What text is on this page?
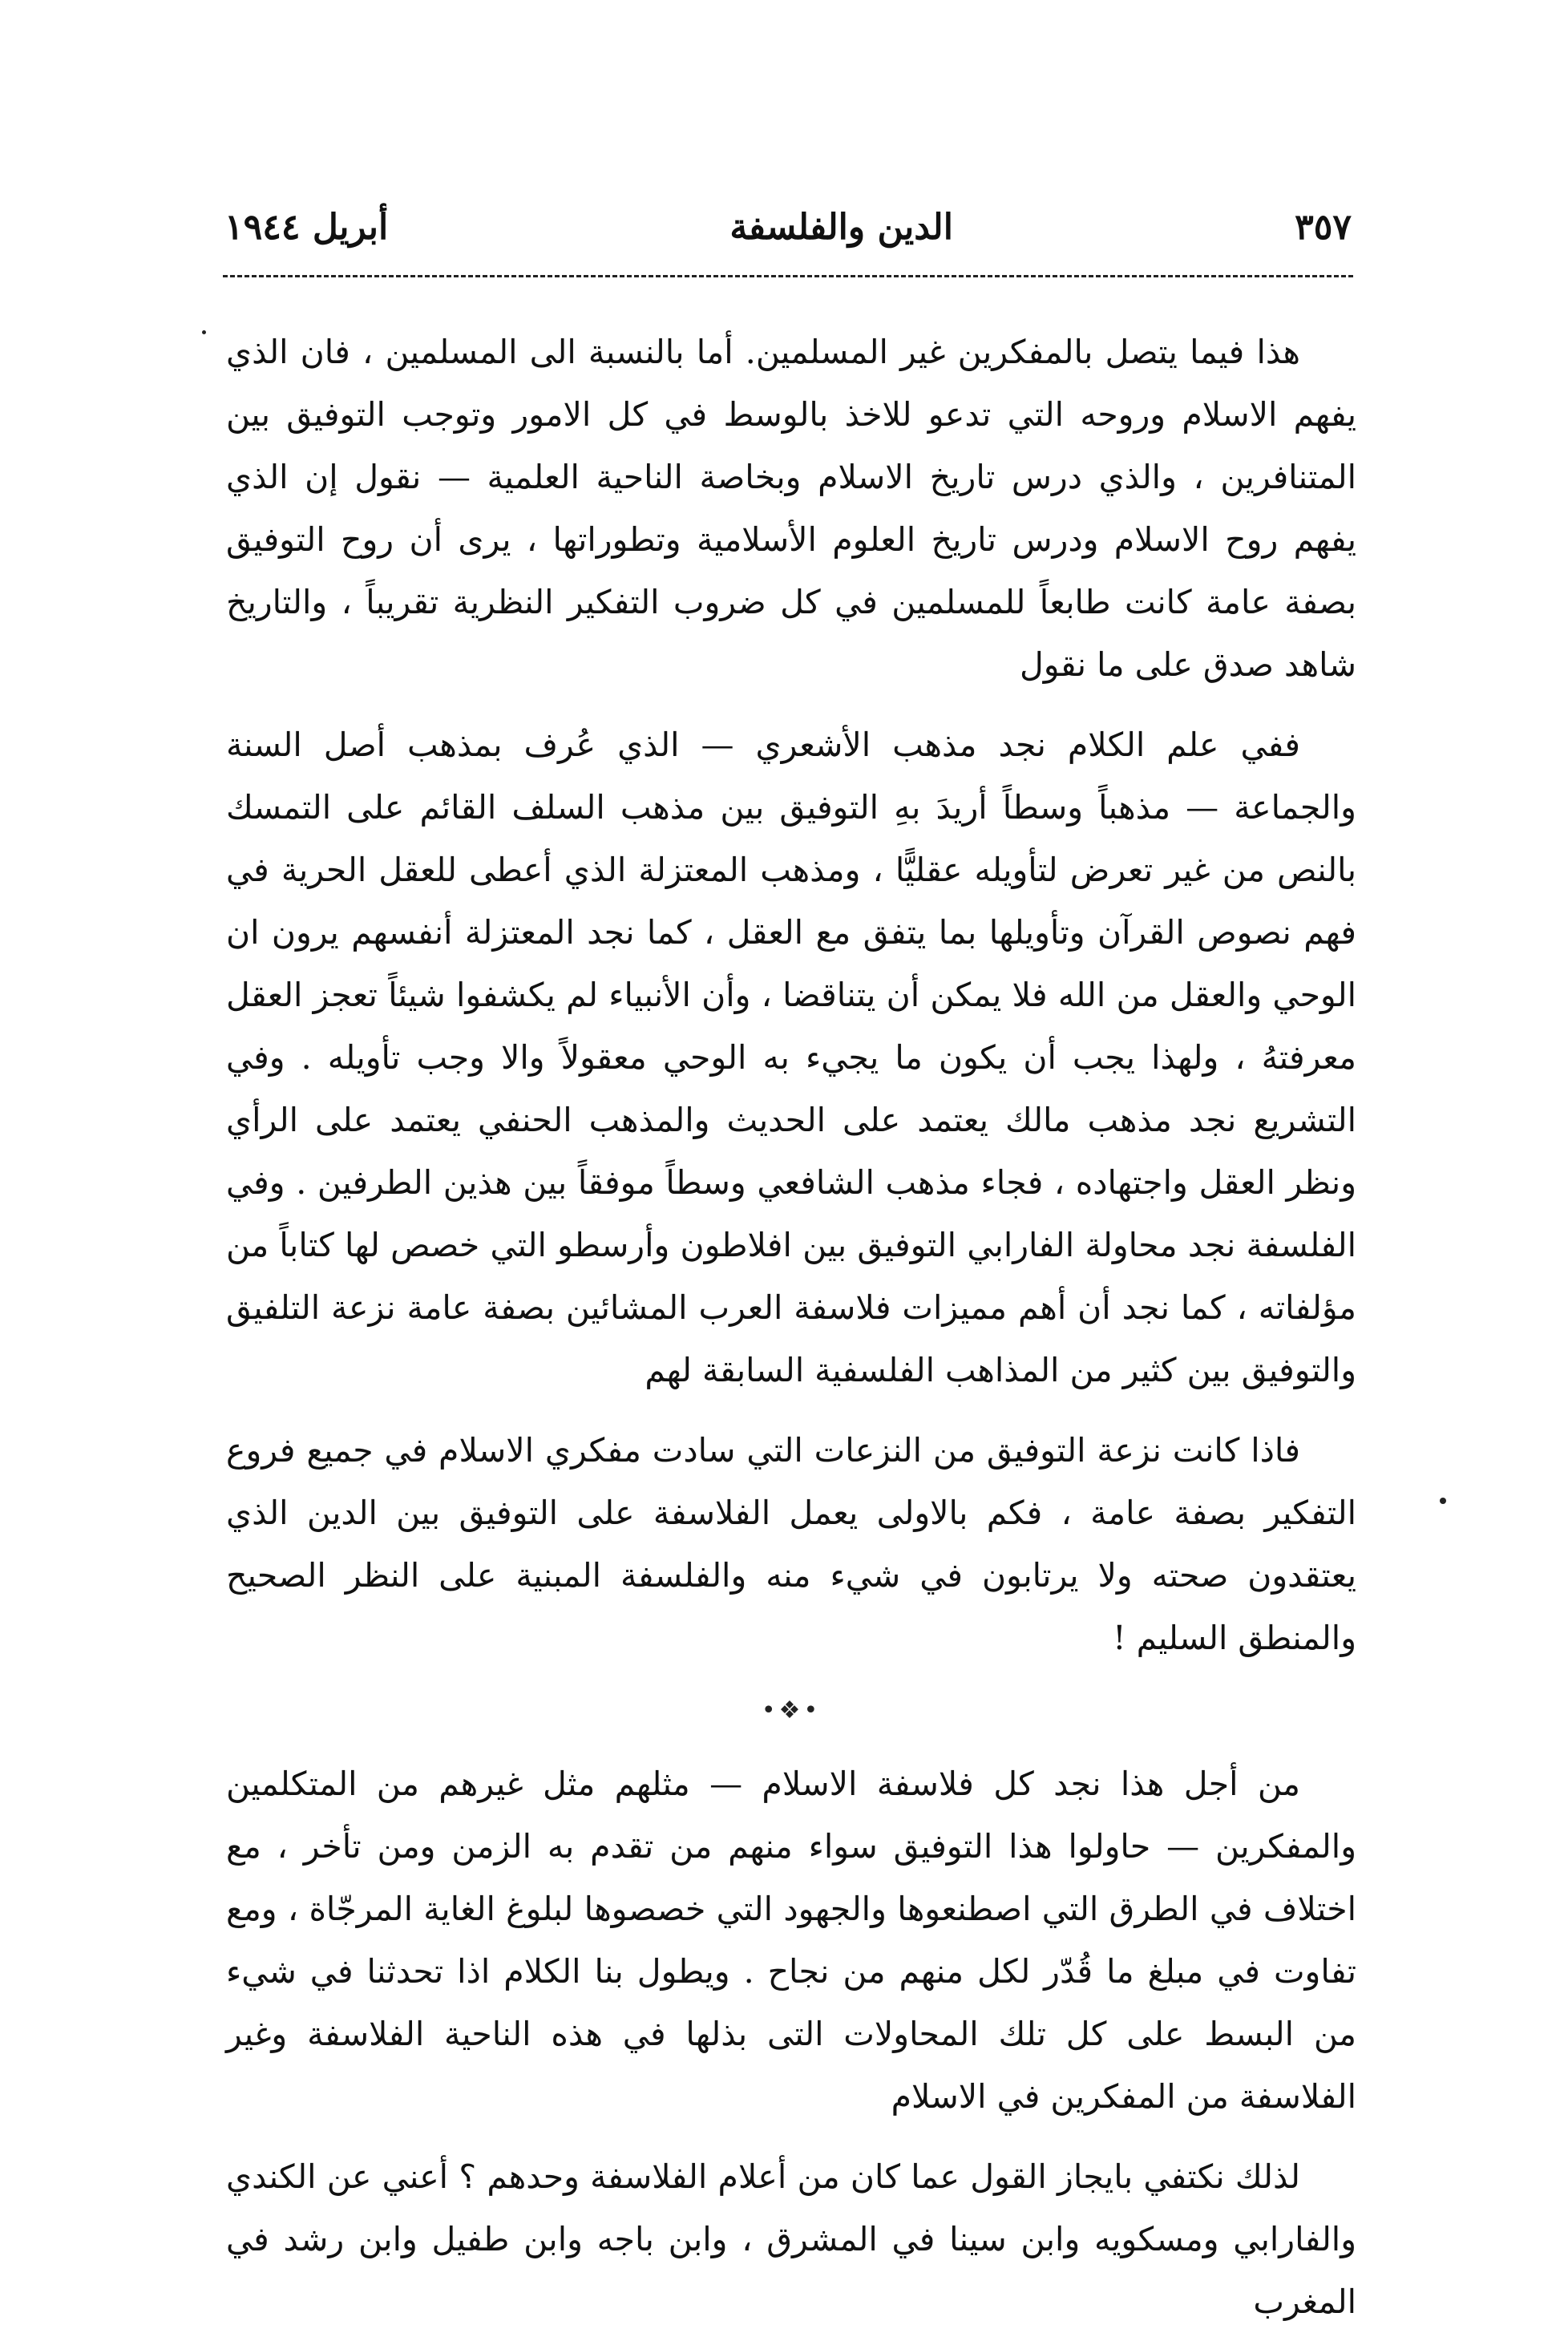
٣٥٧
الدين والفلسفة
أبريل ١٩٤٤

هذا فيما يتصل بالمفكرين غير المسلمين. أما بالنسبة الى المسلمين ، فان الذي يفهم الاسلام وروحه التي تدعو للاخذ بالوسط في كل الامور وتوجب التوفيق بين المتنافرين ، والذي درس تاريخ الاسلام وبخاصة الناحية العلمية — نقول إن الذي يفهم روح الاسلام ودرس تاريخ العلوم الأسلامية وتطوراتها ، يرى أن روح التوفيق بصفة عامة كانت طابعاً للمسلمين في كل ضروب التفكير النظرية تقريباً ، والتاريخ شاهد صدق على ما نقول

ففي علم الكلام نجد مذهب الأشعري — الذي عُرف بمذهب أصل السنة والجماعة — مذهباً وسطاً أريدَ بهِ التوفيق بين مذهب السلف القائم على التمسك بالنص من غير تعرض لتأويله عقليًّا ، ومذهب المعتزلة الذي أعطى للعقل الحرية في فهم نصوص القرآن وتأويلها بما يتفق مع العقل ، كما نجد المعتزلة أنفسهم يرون ان الوحي والعقل من الله فلا يمكن أن يتناقضا ، وأن الأنبياء لم يكشفوا شيئاً تعجز العقل معرفتهُ ، ولهذا يجب أن يكون ما يجيء به الوحي معقولاً والا وجب تأويله . وفي التشريع نجد مذهب مالك يعتمد على الحديث والمذهب الحنفي يعتمد على الرأي ونظر العقل واجتهاده ، فجاء مذهب الشافعي وسطاً موفقاً بين هذين الطرفين . وفي الفلسفة نجد محاولة الفارابي التوفيق بين افلاطون وأرسطو التي خصص لها كتاباً من مؤلفاته ، كما نجد أن أهم مميزات فلاسفة العرب المشائين بصفة عامة نزعة التلفيق والتوفيق بين كثير من المذاهب الفلسفية السابقة لهم

فاذا كانت نزعة التوفيق من النزعات التي سادت مفكري الاسلام في جميع فروع التفكير بصفة عامة ، فكم بالاولى يعمل الفلاسفة على التوفيق بين الدين الذي يعتقدون صحته ولا يرتابون في شيء منه والفلسفة المبنية على النظر الصحيح والمنطق السليم !

•❖•

من أجل هذا نجد كل فلاسفة الاسلام — مثلهم مثل غيرهم من المتكلمين والمفكرين — حاولوا هذا التوفيق سواء منهم من تقدم به الزمن ومن تأخر ، مع اختلاف في الطرق التي اصطنعوها والجهود التي خصصوها لبلوغ الغاية المرجّاة ، ومع تفاوت في مبلغ ما قُدّر لكل منهم من نجاح . ويطول بنا الكلام اذا تحدثنا في شيء من البسط على كل تلك المحاولات التى بذلها في هذه الناحية الفلاسفة وغير الفلاسفة من المفكرين في الاسلام

لذلك نكتفي بايجاز القول عما كان من أعلام الفلاسفة وحدهم ؟ أعني عن الكندي والفارابي ومسكويه وابن سينا في المشرق ، وابن باجه وابن طفيل وابن رشد في المغرب
